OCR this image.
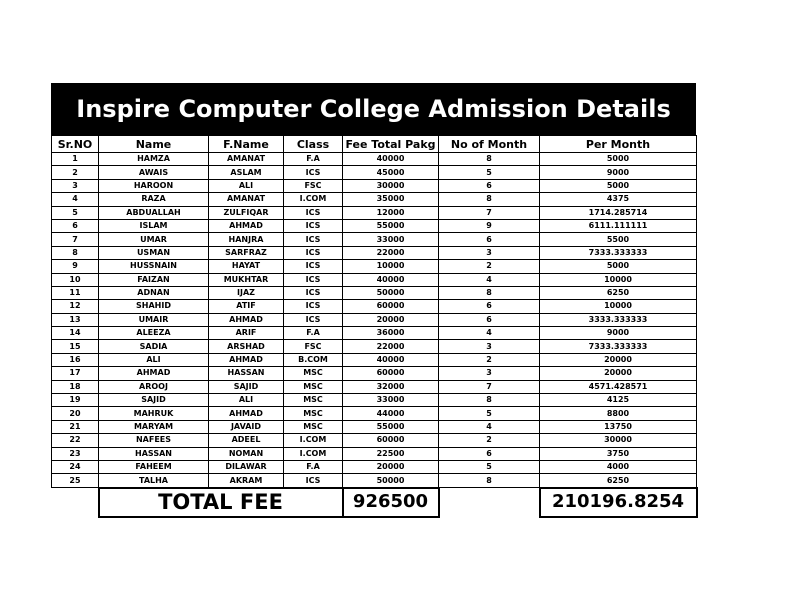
Inspire Computer College Admission Details
Sr.NO	Name	F.Name	Class	Fee Total Pakg	No of Month	Per Month
1	HAMZA	AMANAT	F.A	40000	8	5000
2	AWAIS	ASLAM	ICS	45000	5	9000
3	HAROON	ALI	FSC	30000	6	5000
4	RAZA	AMANAT	I.COM	35000	8	4375
5	ABDUALLAH	ZULFIQAR	ICS	12000	7	1714.285714
6	ISLAM	AHMAD	ICS	55000	9	6111.111111
7	UMAR	HANJRA	ICS	33000	6	5500
8	USMAN	SARFRAZ	ICS	22000	3	7333.333333
9	HUSSNAIN	HAYAT	ICS	10000	2	5000
10	FAIZAN	MUKHTAR	ICS	40000	4	10000
11	ADNAN	IJAZ	ICS	50000	8	6250
12	SHAHID	ATIF	ICS	60000	6	10000
13	UMAIR	AHMAD	ICS	20000	6	3333.333333
14	ALEEZA	ARIF	F.A	36000	4	9000
15	SADIA	ARSHAD	FSC	22000	3	7333.333333
16	ALI	AHMAD	B.COM	40000	2	20000
17	AHMAD	HASSAN	MSC	60000	3	20000
18	AROOJ	SAJID	MSC	32000	7	4571.428571
19	SAJID	ALI	MSC	33000	8	4125
20	MAHRUK	AHMAD	MSC	44000	5	8800
21	MARYAM	JAVAID	MSC	55000	4	13750
22	NAFEES	ADEEL	I.COM	60000	2	30000
23	HASSAN	NOMAN	I.COM	22500	6	3750
24	FAHEEM	DILAWAR	F.A	20000	5	4000
25	TALHA	AKRAM	ICS	50000	8	6250
	TOTAL FEE			926500		210196.8254
